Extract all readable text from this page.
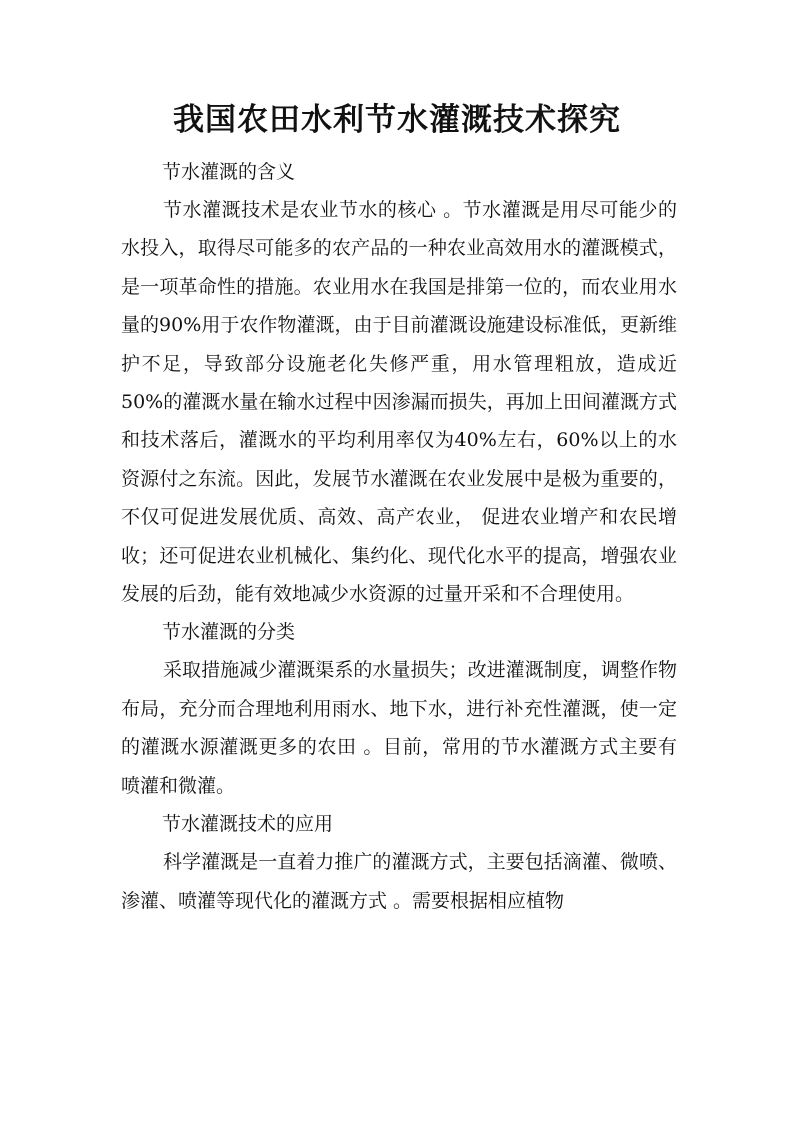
我国农田水利节水灌溉技术探究
节水灌溉的含义

节水灌溉技术是农业节水的核心 。节水灌溉是用尽可能少的水投入，取得尽可能多的农产品的一种农业高效用水的灌溉模式，是一项革命性的措施。农业用水在我国是排第一位的，而农业用水量的90%用于农作物灌溉，由于目前灌溉设施建设标准低，更新维护不足，导致部分设施老化失修严重，用水管理粗放，造成近 50%的灌溉水量在输水过程中因渗漏而损失，再加上田间灌溉方式和技术落后，灌溉水的平均利用率仅为40%左右，60%以上的水资源付之东流。因此，发展节水灌溉在农业发展中是极为重要的，不仅可促进发展优质、高效、高产农业， 促进农业增产和农民增收；还可促进农业机械化、集约化、现代化水平的提高，增强农业发展的后劲，能有效地减少水资源的过量开采和不合理使用。

节水灌溉的分类

采取措施减少灌溉渠系的水量损失；改进灌溉制度，调整作物布局，充分而合理地利用雨水、地下水，进行补充性灌溉，使一定的灌溉水源灌溉更多的农田 。目前，常用的节水灌溉方式主要有喷灌和微灌。

节水灌溉技术的应用

科学灌溉是一直着力推广的灌溉方式，主要包括滴灌、微喷、渗灌、喷灌等现代化的灌溉方式 。需要根据相应植物
